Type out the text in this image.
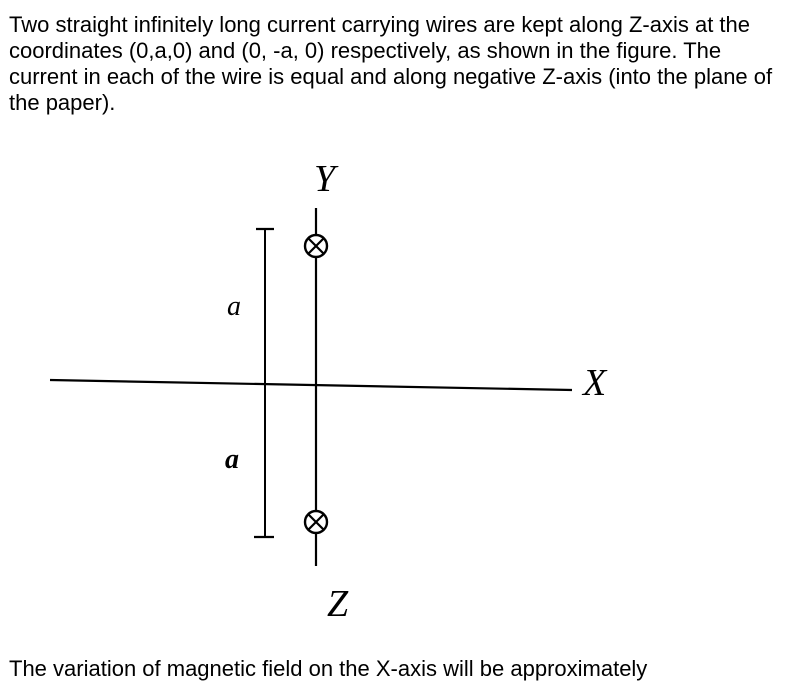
Two straight infinitely long current carrying wires are kept along Z-axis at the coordinates (0,a,0) and (0, -a, 0) respectively, as shown in the figure. The current in each of the wire is equal and along negative Z-axis (into the plane of the paper).

Y
X
Z
a
a

The variation of magnetic field on the X-axis will be approximately
